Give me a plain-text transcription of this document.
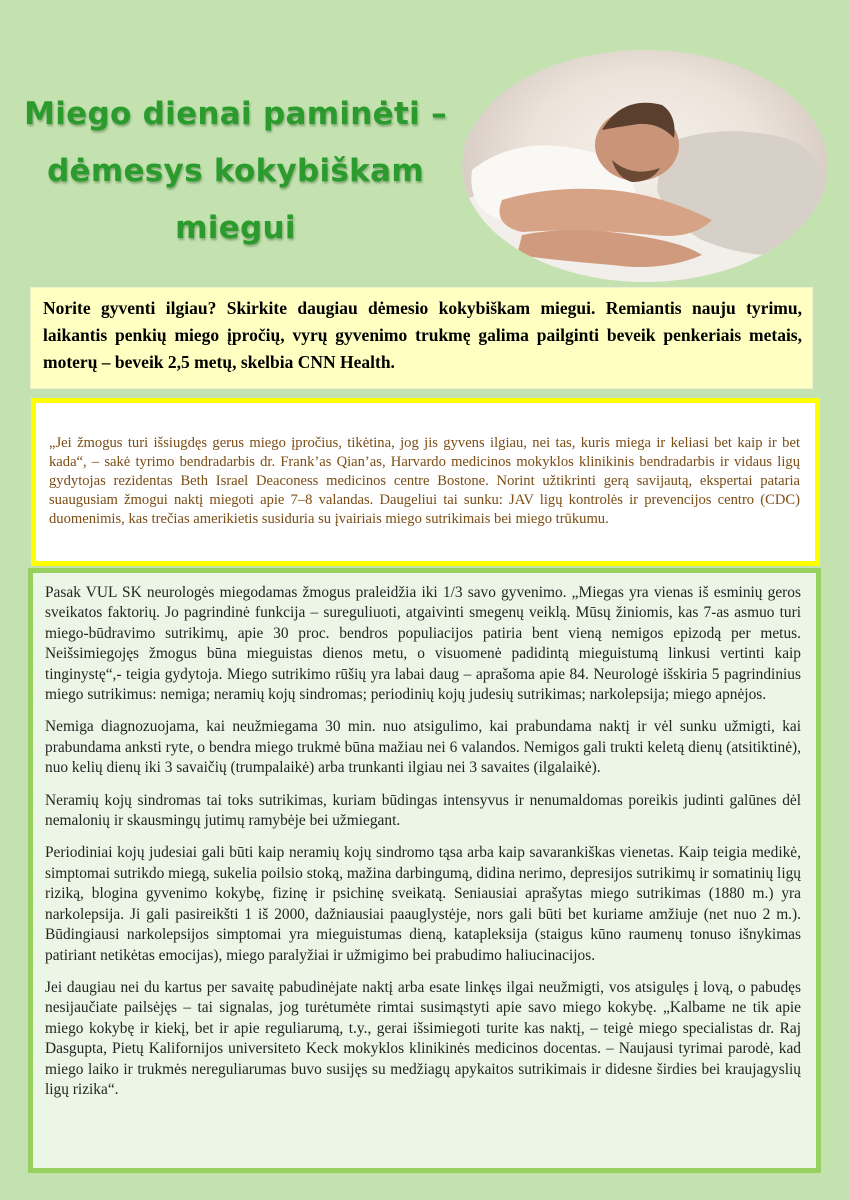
Miego dienai paminėti –
dėmesys kokybiškam
miegui
Norite gyventi ilgiau? Skirkite daugiau dėmesio kokybiškam miegui. Remiantis nauju tyrimu, laikantis penkių miego įpročių, vyrų gyvenimo trukmę galima pailginti beveik penkeriais metais, moterų – beveik 2,5 metų, skelbia CNN Health.
„Jei žmogus turi išsiugdęs gerus miego įpročius, tikėtina, jog jis gyvens ilgiau, nei tas, kuris miega ir keliasi bet kaip ir bet kada“, – sakė tyrimo bendradarbis dr. Frank’as Qian’as, Harvardo medicinos mokyklos klinikinis bendradarbis ir vidaus ligų gydytojas rezidentas Beth Israel Deaconess medicinos centre Bostone. Norint užtikrinti gerą savijautą, ekspertai pataria suaugusiam žmogui naktį miegoti apie 7–8 valandas. Daugeliui tai sunku: JAV ligų kontrolės ir prevencijos centro (CDC) duomenimis, kas trečias amerikietis susiduria su įvairiais miego sutrikimais bei miego trūkumu.

Pasak VUL SK neurologės miegodamas žmogus praleidžia iki 1/3 savo gyvenimo. „Miegas yra vienas iš esminių geros sveikatos faktorių. Jo pagrindinė funkcija – sureguliuoti, atgaivinti smegenų veiklą. Mūsų žiniomis, kas 7-as asmuo turi miego-būdravimo sutrikimų, apie 30 proc. bendros populiacijos patiria bent vieną nemigos epizodą per metus. Neišsimiegojęs žmogus būna mieguistas dienos metu, o visuomenė padidintą mieguistumą linkusi vertinti kaip tinginystę“,- teigia gydytoja. Miego sutrikimo rūšių yra labai daug – aprašoma apie 84. Neurologė išskiria 5 pagrindinius miego sutrikimus: nemiga; neramių kojų sindromas; periodinių kojų judesių sutrikimas; narkolepsija; miego apnėjos.

Nemiga diagnozuojama, kai neužmiegama 30 min. nuo atsigulimo, kai prabundama naktį ir vėl sunku užmigti, kai prabundama anksti ryte, o bendra miego trukmė būna mažiau nei 6 valandos. Nemigos gali trukti keletą dienų (atsitiktinė), nuo kelių dienų iki 3 savaičių (trumpalaikė) arba trunkanti ilgiau nei 3 savaites (ilgalaikė).

Neramių kojų sindromas tai toks sutrikimas, kuriam būdingas intensyvus ir nenumaldomas poreikis judinti galūnes dėl nemalonių ir skausmingų jutimų ramybėje bei užmiegant.

Periodiniai kojų judesiai gali būti kaip neramių kojų sindromo tąsa arba kaip savarankiškas vienetas. Kaip teigia medikė, simptomai sutrikdo miegą, sukelia poilsio stoką, mažina darbingumą, didina nerimo, depresijos sutrikimų ir somatinių ligų riziką, blogina gyvenimo kokybę, fizinę ir psichinę sveikatą. Seniausiai aprašytas miego sutrikimas (1880 m.) yra narkolepsija. Ji gali pasireikšti 1 iš 2000, dažniausiai paauglystėje, nors gali būti bet kuriame amžiuje (net nuo 2 m.). Būdingiausi narkolepsijos simptomai yra mieguistumas dieną, katapleksija (staigus kūno raumenų tonuso išnykimas patiriant netikėtas emocijas), miego paralyžiai ir užmigimo bei prabudimo haliucinacijos.

Jei daugiau nei du kartus per savaitę pabudinėjate naktį arba esate linkęs ilgai neužmigti, vos atsigulęs į lovą, o pabudęs nesijaučiate pailsėjęs – tai signalas, jog turėtumėte rimtai susimąstyti apie savo miego kokybę. „Kalbame ne tik apie miego kokybę ir kiekį, bet ir apie reguliarumą, t.y., gerai išsimiegoti turite kas naktį, – teigė miego specialistas dr. Raj Dasgupta, Pietų Kalifornijos universiteto Keck mokyklos klinikinės medicinos docentas. – Naujausi tyrimai parodė, kad miego laiko ir trukmės nereguliarumas buvo susijęs su medžiagų apykaitos sutrikimais ir didesne širdies bei kraujagyslių ligų rizika“.
